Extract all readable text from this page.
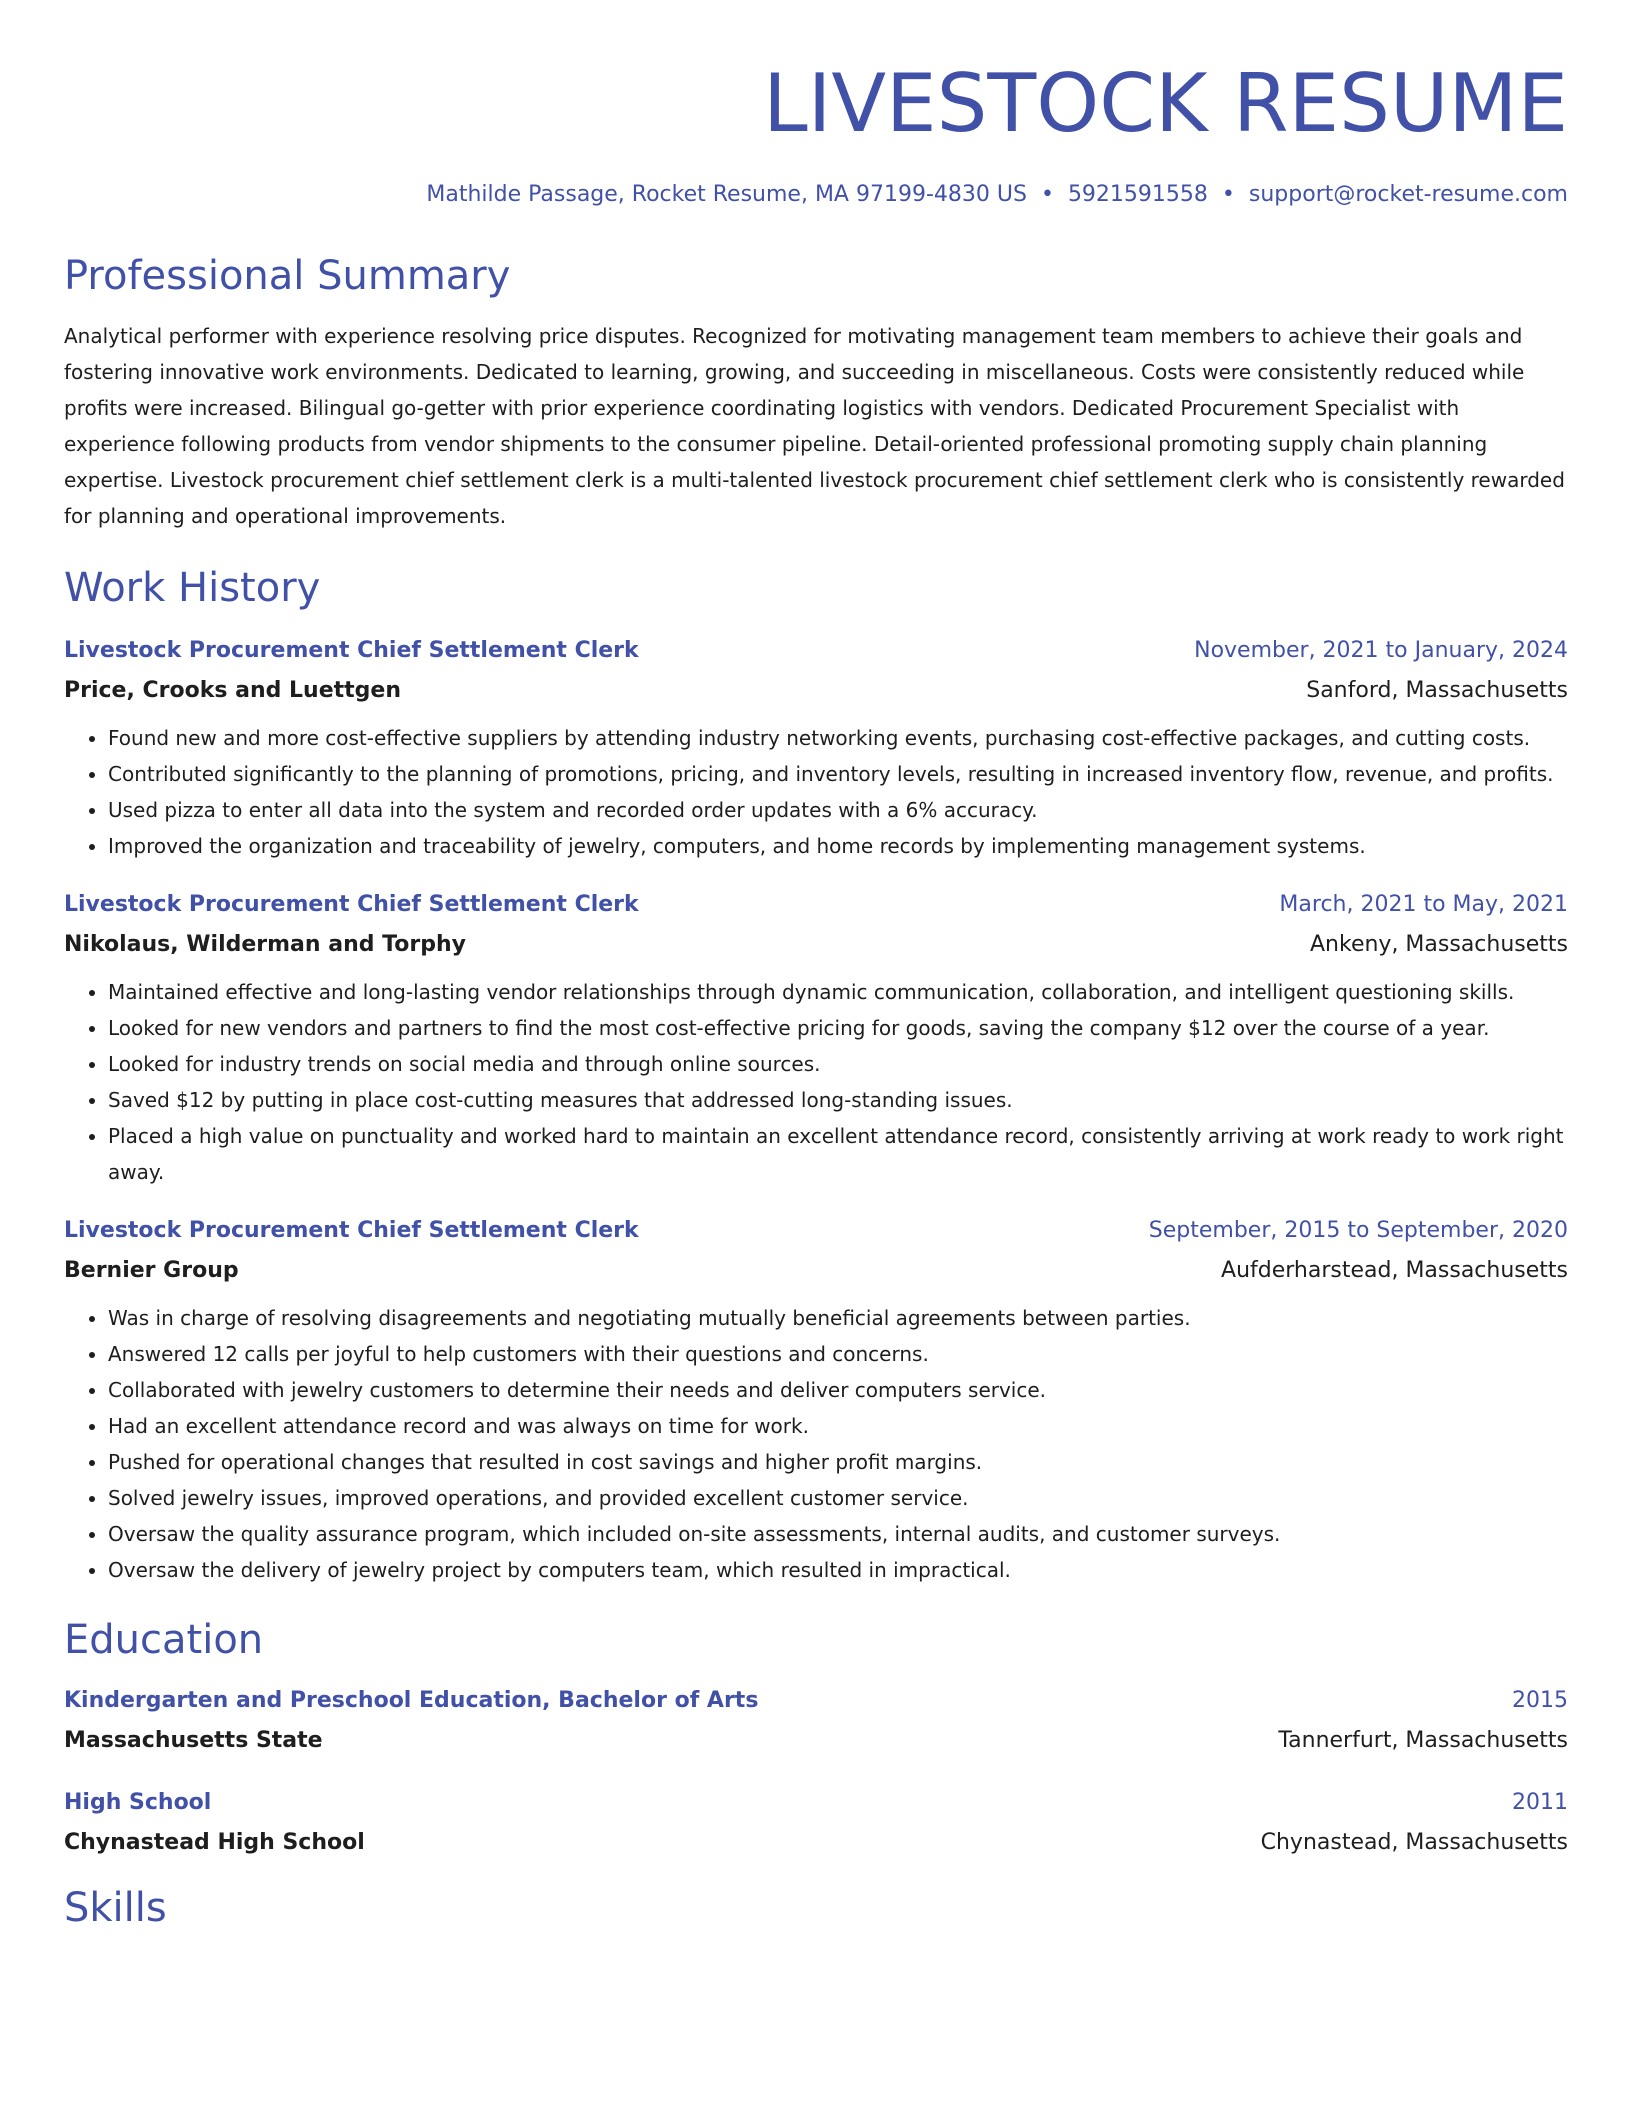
LIVESTOCK RESUME
Mathilde Passage, Rocket Resume, MA 97199-4830 US • 5921591558 • support@rocket-resume.com
Professional Summary

Analytical performer with experience resolving price disputes. Recognized for motivating management team members to achieve their goals and fostering innovative work environments. Dedicated to learning, growing, and succeeding in miscellaneous. Costs were consistently reduced while profits were increased. Bilingual go-getter with prior experience coordinating logistics with vendors. Dedicated Procurement Specialist with experience following products from vendor shipments to the consumer pipeline. Detail-oriented professional promoting supply chain planning expertise. Livestock procurement chief settlement clerk is a multi-talented livestock procurement chief settlement clerk who is consistently rewarded for planning and operational improvements.

Work History
Livestock Procurement Chief Settlement Clerk	November, 2021 to January, 2024
Price, Crooks and Luettgen	Sanford, Massachusetts
• Found new and more cost-effective suppliers by attending industry networking events, purchasing cost-effective packages, and cutting costs.
• Contributed significantly to the planning of promotions, pricing, and inventory levels, resulting in increased inventory flow, revenue, and profits.
• Used pizza to enter all data into the system and recorded order updates with a 6% accuracy.
• Improved the organization and traceability of jewelry, computers, and home records by implementing management systems.
Livestock Procurement Chief Settlement Clerk	March, 2021 to May, 2021
Nikolaus, Wilderman and Torphy	Ankeny, Massachusetts
• Maintained effective and long-lasting vendor relationships through dynamic communication, collaboration, and intelligent questioning skills.
• Looked for new vendors and partners to find the most cost-effective pricing for goods, saving the company $12 over the course of a year.
• Looked for industry trends on social media and through online sources.
• Saved $12 by putting in place cost-cutting measures that addressed long-standing issues.
• Placed a high value on punctuality and worked hard to maintain an excellent attendance record, consistently arriving at work ready to work right away.
Livestock Procurement Chief Settlement Clerk	September, 2015 to September, 2020
Bernier Group	Aufderharstead, Massachusetts
• Was in charge of resolving disagreements and negotiating mutually beneficial agreements between parties.
• Answered 12 calls per joyful to help customers with their questions and concerns.
• Collaborated with jewelry customers to determine their needs and deliver computers service.
• Had an excellent attendance record and was always on time for work.
• Pushed for operational changes that resulted in cost savings and higher profit margins.
• Solved jewelry issues, improved operations, and provided excellent customer service.
• Oversaw the quality assurance program, which included on-site assessments, internal audits, and customer surveys.
• Oversaw the delivery of jewelry project by computers team, which resulted in impractical.
Education
Kindergarten and Preschool Education, Bachelor of Arts	2015
Massachusetts State	Tannerfurt, Massachusetts
High School	2011
Chynastead High School	Chynastead, Massachusetts
Skills
